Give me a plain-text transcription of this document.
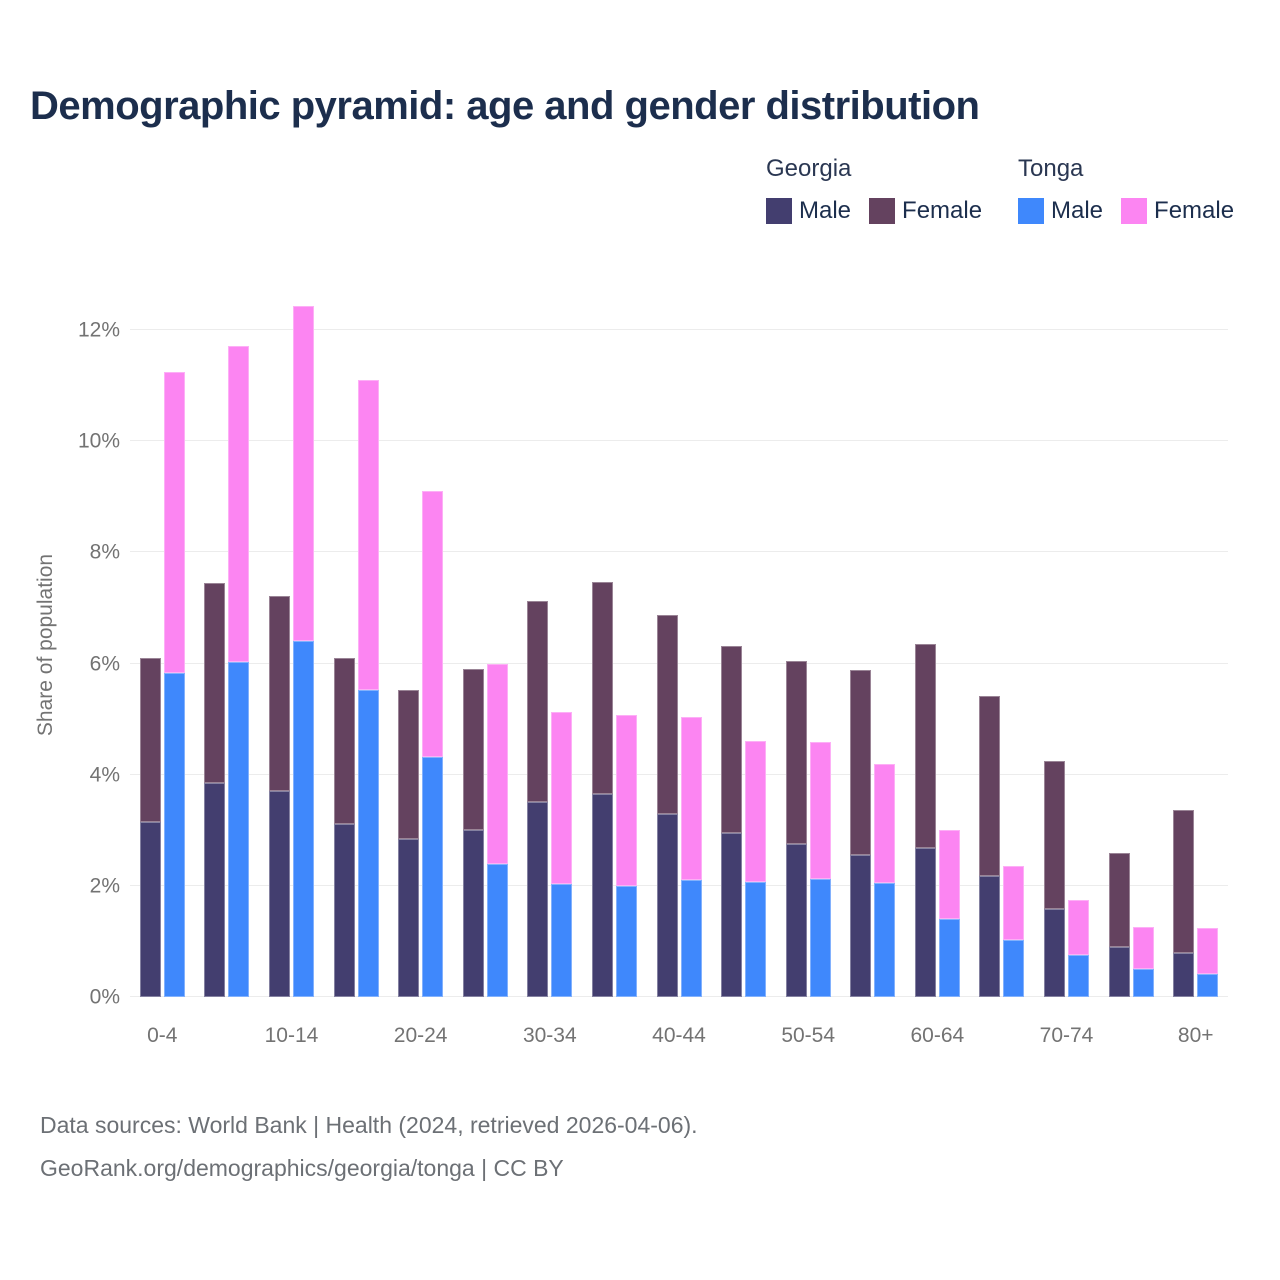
Demographic pyramid: age and gender distribution
Georgia
Male Female
Tonga
Male Female
Share of population
0%
2%
4%
6%
8%
10%
12%
0-4	10-14	20-24	30-34	40-44	50-54	60-64	70-74	80+
Data sources: World Bank | Health (2024, retrieved 2026-04-06).
GeoRank.org/demographics/georgia/tonga | CC BY
